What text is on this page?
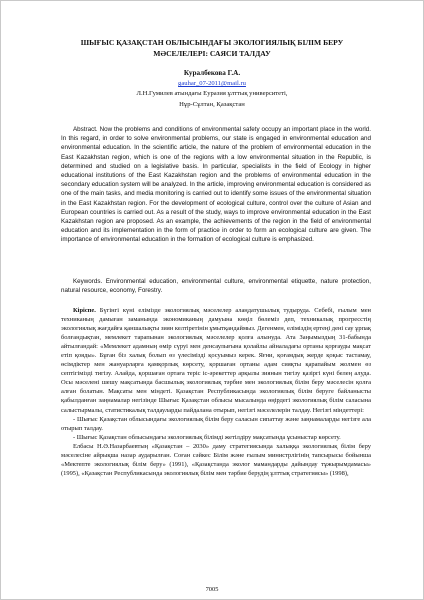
ШЫҒЫС ҚАЗАҚСТАН ОБЛЫСЫНДАҒЫ ЭКОЛОГИЯЛЫҚ БІЛІМ БЕРУ
МӘСЕЛЕЛЕРІ: САЯСИ ТАЛДАУ

Куралбекова Г.А.

gauhar_07-2011@mail.ru

Л.Н.Гумилев атындағы Еуразия ұлттық университеті,
Нұр-Сұлтан, Қазақстан

Abstract. Now the problems and conditions of environmental safety occupy an important place in the world. In this regard, in order to solve environmental problems, our state is engaged in environmental education and environmental education. In the scientific article, the nature of the problem of environmental education in the East Kazakhstan region, which is one of the regions with a low environmental situation in the Republic, is determined and studied on a legislative basis. In particular, specialists in the field of Ecology in higher educational institutions of the East Kazakhstan region and the problems of environmental education in the secondary education system will be analyzed. In the article, improving environmental education is considered as one of the main tasks, and media monitoring is carried out to identify some issues of the environmental situation in the East Kazakhstan region. For the development of ecological culture, control over the culture of Asian and European countries is carried out. As a result of the study, ways to improve environmental education in the East Kazakhstan region are proposed. As an example, the achievements of the region in the field of environmental education and its implementation in the form of practice in order to form an ecological culture are given. The importance of environmental education in the formation of ecological culture is emphasized.

Keywords. Environmental education, environmental culture, environmental etiquette, nature protection, natural resource, economy, Forestry.

Кіріспе. Бүгінгі күні елімізде экологиялық мәселелер алаңдатушылық тудыруда. Себебі, ғылым мен техниканың дамыған заманында экономиканың дамуына көңіл бөлеміз деп, техникалық прогресстің экологиялық жағдайға қаншалықты зиян келтіретінін ұмытқандаймыз. Дегенмен, еліміздің ертеңі дені сау ұрпақ болғандықтан, мемлекет тарапынан экологиялық мәселелер қолға алынуда. Ата Заңымыздың 31-бабында айтылғандай: «Мемлекет адамның өмір сүруі мен денсаулығына қолайлы айналадағы ортаны қорғауды мақсат етіп қояды». Бұған біз халық болып өз үлесімізді қосуымыз керек. Яғни, қоғамдық жерде қоқыс тастамау, өсімдіктер мен жануарларға қамқорлық көрсету, қоршаған ортаны адам сияқты қарапайым жолмен өз септігімізді тигізу. Алайда, қоршаған ортаға теріс іс-әрекеттер арқылы зиянын тигізу қазіргі күні белең алуда. Осы мәселені шешу мақсатында басшылық экологиялық тәрбие мен экологиялық білім беру мәселесін қолға алған болатын. Мақсаты мен міндеті. Қазақстан Республикасында экологиялық білім беруге байланысты қабылданған заңнамалар негізінде Шығыс Қазақстан облысы мысалында өңірдегі экологиялық білім саласына салыстырмалы, статистикалық талдауларды пайдалана отырып, негізгі мәселелерін талдау. Негізгі міндеттері:

- Шығыс Қазақстан облысындағы экологиялық білім беру саласын сипаттау және заңнамаларды негізге ала отырып талдау.

- Шығыс Қазақстан облысындағы экологиялық білімді жетілдіру мақсатында ұсыныстар көрсету.

Елбасы Н.Ә.Назарбаевтың «Қазақстан – 2030» даму стратегиясында халыққа экологиялық білім беру мәселесіне айрықша назар аударылған. Соған сәйкес Білім және ғылым министрлігінің тапсырысы бойынша «Мектепте экологиялық білім беру» (1991), «Қазақстанда эколог мамандарды дайындау тұжырымдамасы» (1995), «Қазақстан Республикасында экологиялық білім мен тәрбие берудің ұлттық стратегиясы» (1998),

7005
